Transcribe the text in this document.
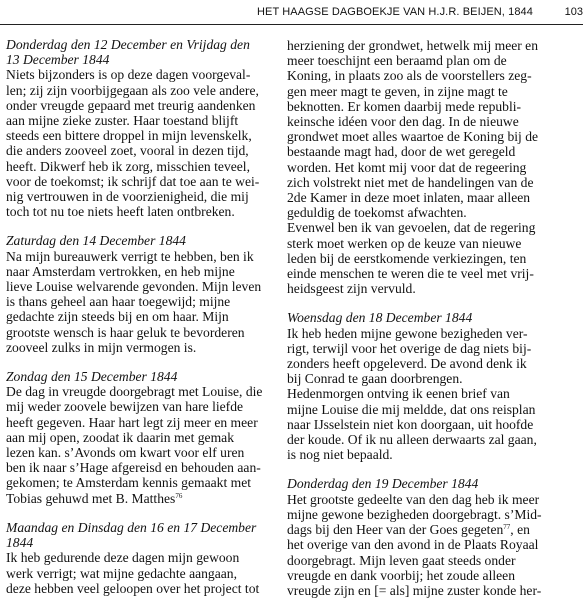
HET HAAGSE DAGBOEKJE VAN H.J.R. BEIJEN, 1844	103
Donderdag den 12 December en Vrijdag den
13 December 1844
Niets bijzonders is op deze dagen voorgeval-
len; zij zijn voorbijgegaan als zoo vele andere,
onder vreugde gepaard met treurig aandenken
aan mijne zieke zuster. Haar toestand blijft
steeds een bittere droppel in mijn levenskelk,
die anders zooveel zoet, vooral in dezen tijd,
heeft. Dikwerf heb ik zorg, misschien teveel,
voor de toekomst; ik schrijf dat toe aan te wei-
nig vertrouwen in de voorzienigheid, die mij
toch tot nu toe niets heeft laten ontbreken.
Zaturdag den 14 December 1844
Na mijn bureauwerk verrigt te hebben, ben ik
naar Amsterdam vertrokken, en heb mijne
lieve Louise welvarende gevonden. Mijn leven
is thans geheel aan haar toegewijd; mijne
gedachte zijn steeds bij en om haar. Mijn
grootste wensch is haar geluk te bevorderen
zooveel zulks in mijn vermogen is.
Zondag den 15 December 1844
De dag in vreugde doorgebragt met Louise, die
mij weder zoovele bewijzen van hare liefde
heeft gegeven. Haar hart legt zij meer en meer
aan mij open, zoodat ik daarin met gemak
lezen kan. s’Avonds om kwart voor elf uren
ben ik naar s’Hage afgereisd en behouden aan-
gekomen; te Amsterdam kennis gemaakt met
Tobias gehuwd met B. Matthes$^{76}$
Maandag en Dinsdag den 16 en 17 December
1844
Ik heb gedurende deze dagen mijn gewoon
werk verrigt; wat mijne gedachte aangaan,
deze hebben veel geloopen over het project tot
herziening der grondwet, hetwelk mij meer en
meer toeschijnt een beraamd plan om de
Koning, in plaats zoo als de voorstellers zeg-
gen meer magt te geven, in zijne magt te
beknotten. Er komen daarbij mede republi-
keinsche idéen voor den dag. In de nieuwe
grondwet moet alles waartoe de Koning bij de
bestaande magt had, door de wet geregeld
worden. Het komt mij voor dat de regeering
zich volstrekt niet met de handelingen van de
2de Kamer in deze moet inlaten, maar alleen
geduldig de toekomst afwachten.
Evenwel ben ik van gevoelen, dat de regering
sterk moet werken op de keuze van nieuwe
leden bij de eerstkomende verkiezingen, ten
einde menschen te weren die te veel met vrij-
heidsgeest zijn vervuld.
Woensdag den 18 December 1844
Ik heb heden mijne gewone bezigheden ver-
rigt, terwijl voor het overige de dag niets bij-
zonders heeft opgeleverd. De avond denk ik
bij Conrad te gaan doorbrengen.
Hedenmorgen ontving ik eenen brief van
mijne Louise die mij meldde, dat ons reisplan
naar IJsselstein niet kon doorgaan, uit hoofde
der koude. Of ik nu alleen derwaarts zal gaan,
is nog niet bepaald.
Donderdag den 19 December 1844
Het grootste gedeelte van den dag heb ik meer
mijne gewone bezigheden doorgebragt. s’Mid-
dags bij den Heer van der Goes gegeten$^{77}$, en
het overige van den avond in de Plaats Royaal
doorgebragt. Mijn leven gaat steeds onder
vreugde en dank voorbij; het zoude alleen
vreugde zijn en [= als] mijne zuster konde her-
